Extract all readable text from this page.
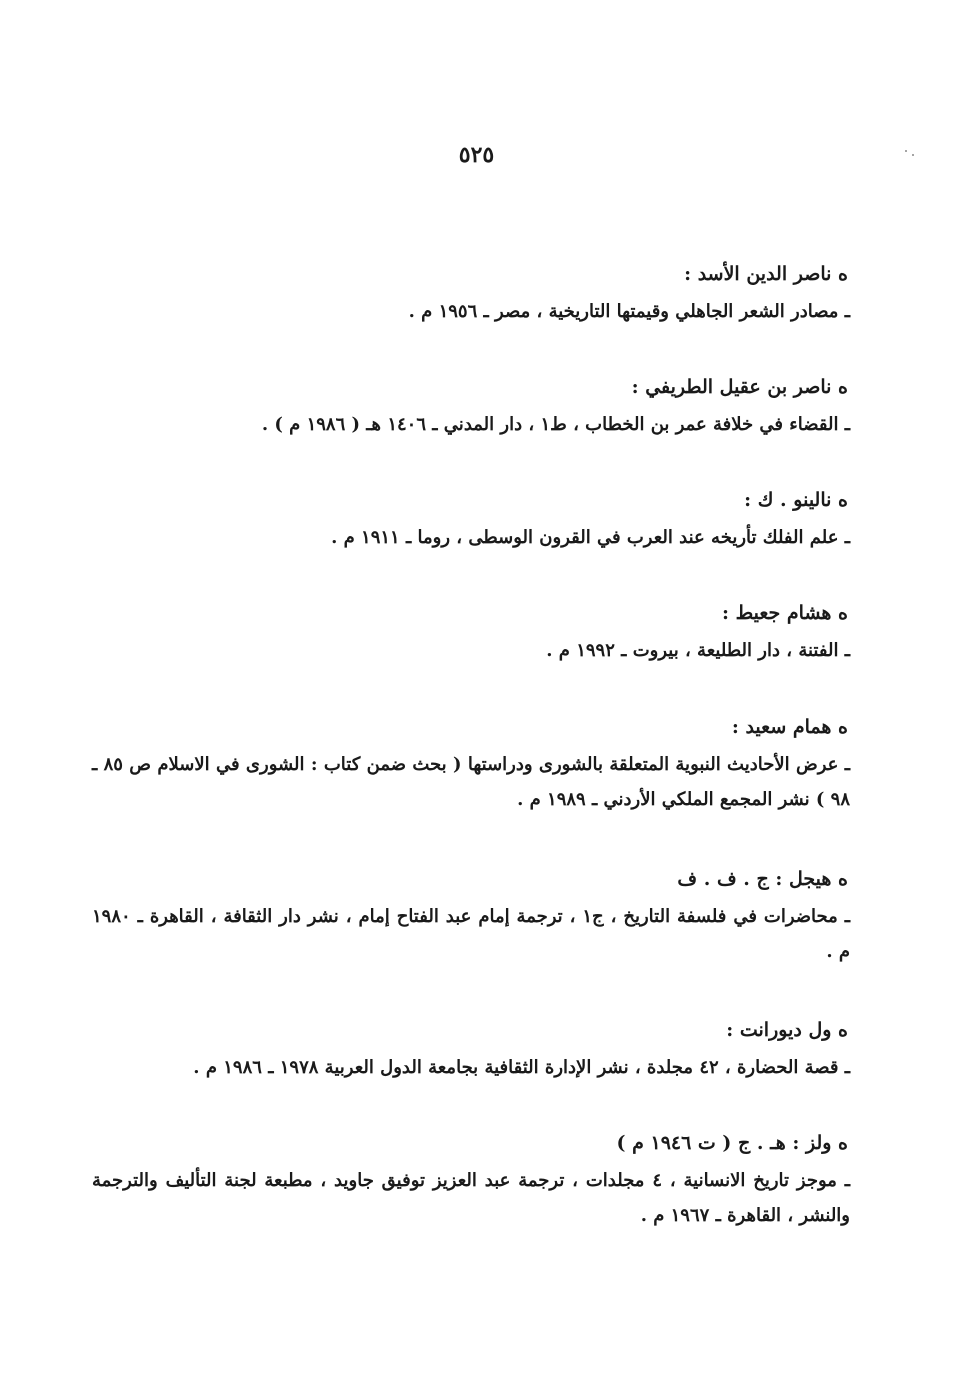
٥٢٥
ه ناصر الدين الأسد :
ـ مصادر الشعر الجاهلي وقيمتها التاريخية ، مصر ـ ١٩٥٦ م .
ه ناصر بن عقيل الطريفي :
ـ القضاء في خلافة عمر بن الخطاب ، ط١ ، دار المدني ـ ١٤٠٦ هـ ( ١٩٨٦ م ) .
ه نالينو . ك :
ـ علم الفلك تأريخه عند العرب في القرون الوسطى ، روما ـ ١٩١١ م .
ه هشام جعيط :
ـ الفتنة ، دار الطليعة ، بيروت ـ ١٩٩٢ م .
ه همام سعيد :
ـ عرض الأحاديث النبوية المتعلقة بالشورى ودراستها ( بحث ضمن كتاب : الشورى في الاسلام ص ٨٥ ـ ٩٨ ) نشر المجمع الملكي الأردني ـ ١٩٨٩ م .
ه هيجل : ج . ف . ف
ـ محاضرات في فلسفة التاريخ ، ج١ ، ترجمة إمام عبد الفتاح إمام ، نشر دار الثقافة ، القاهرة ـ ١٩٨٠ م .
ه ول ديورانت :
ـ قصة الحضارة ، ٤٢ مجلدة ، نشر الإدارة الثقافية بجامعة الدول العربية ١٩٧٨ ـ ١٩٨٦ م .
ه ولز : هـ . ج ( ت ١٩٤٦ م )
ـ موجز تاريخ الانسانية ، ٤ مجلدات ، ترجمة عبد العزيز توفيق جاويد ، مطبعة لجنة التأليف والترجمة والنشر ، القاهرة ـ ١٩٦٧ م .
